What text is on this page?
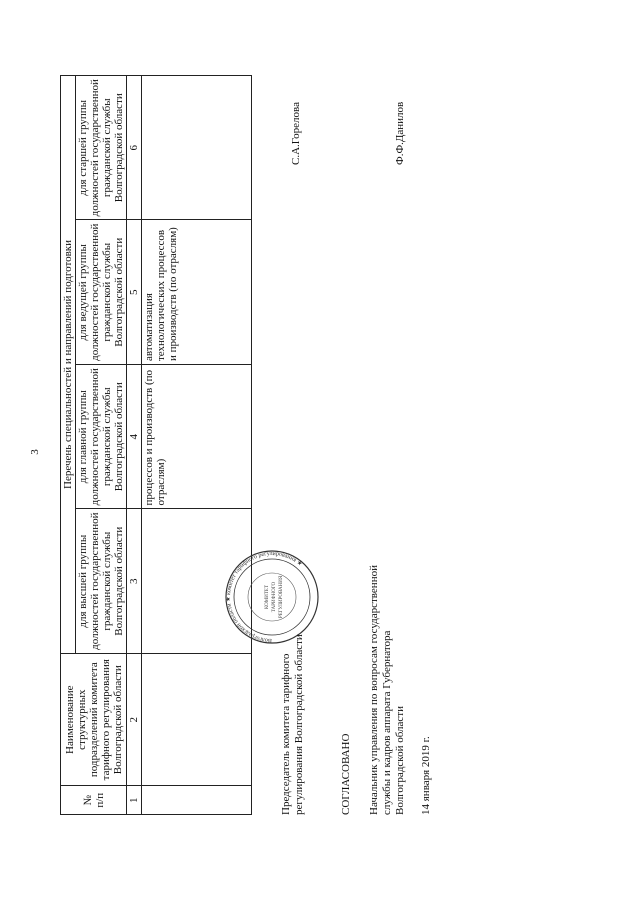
3
№ п/п	Наименование структурных подразделений комитета тарифного регулирования Волгоградской области	Перечень специальностей и направлений подготовки			
		для высшей группы должностей государственной гражданской службы Волгоградской области	для главной группы должностей государственной гражданской службы Волгоградской области	для ведущей группы должностей государственной гражданской службы Волгоградской области	для старшей группы должностей государственной гражданской службы Волгоградской области
1	2	3	4	5	6
			процессов и производств (по отраслям)	автоматизация технологических процессов и производств (по отраслям)	
Волгоградской области ★ комитет тарифного регулирования ★
КОМИТЕТ ТАРИФНОГО РЕГУЛИРОВАНИЯ
Председатель комитета тарифного регулирования Волгоградской области
С.А.Горелова
СОГЛАСОВАНО Начальник управления по вопросам государственной службы и кадров аппарата Губернатора Волгоградской области
Ф.Ф.Данилов
14 января 2019 г.
